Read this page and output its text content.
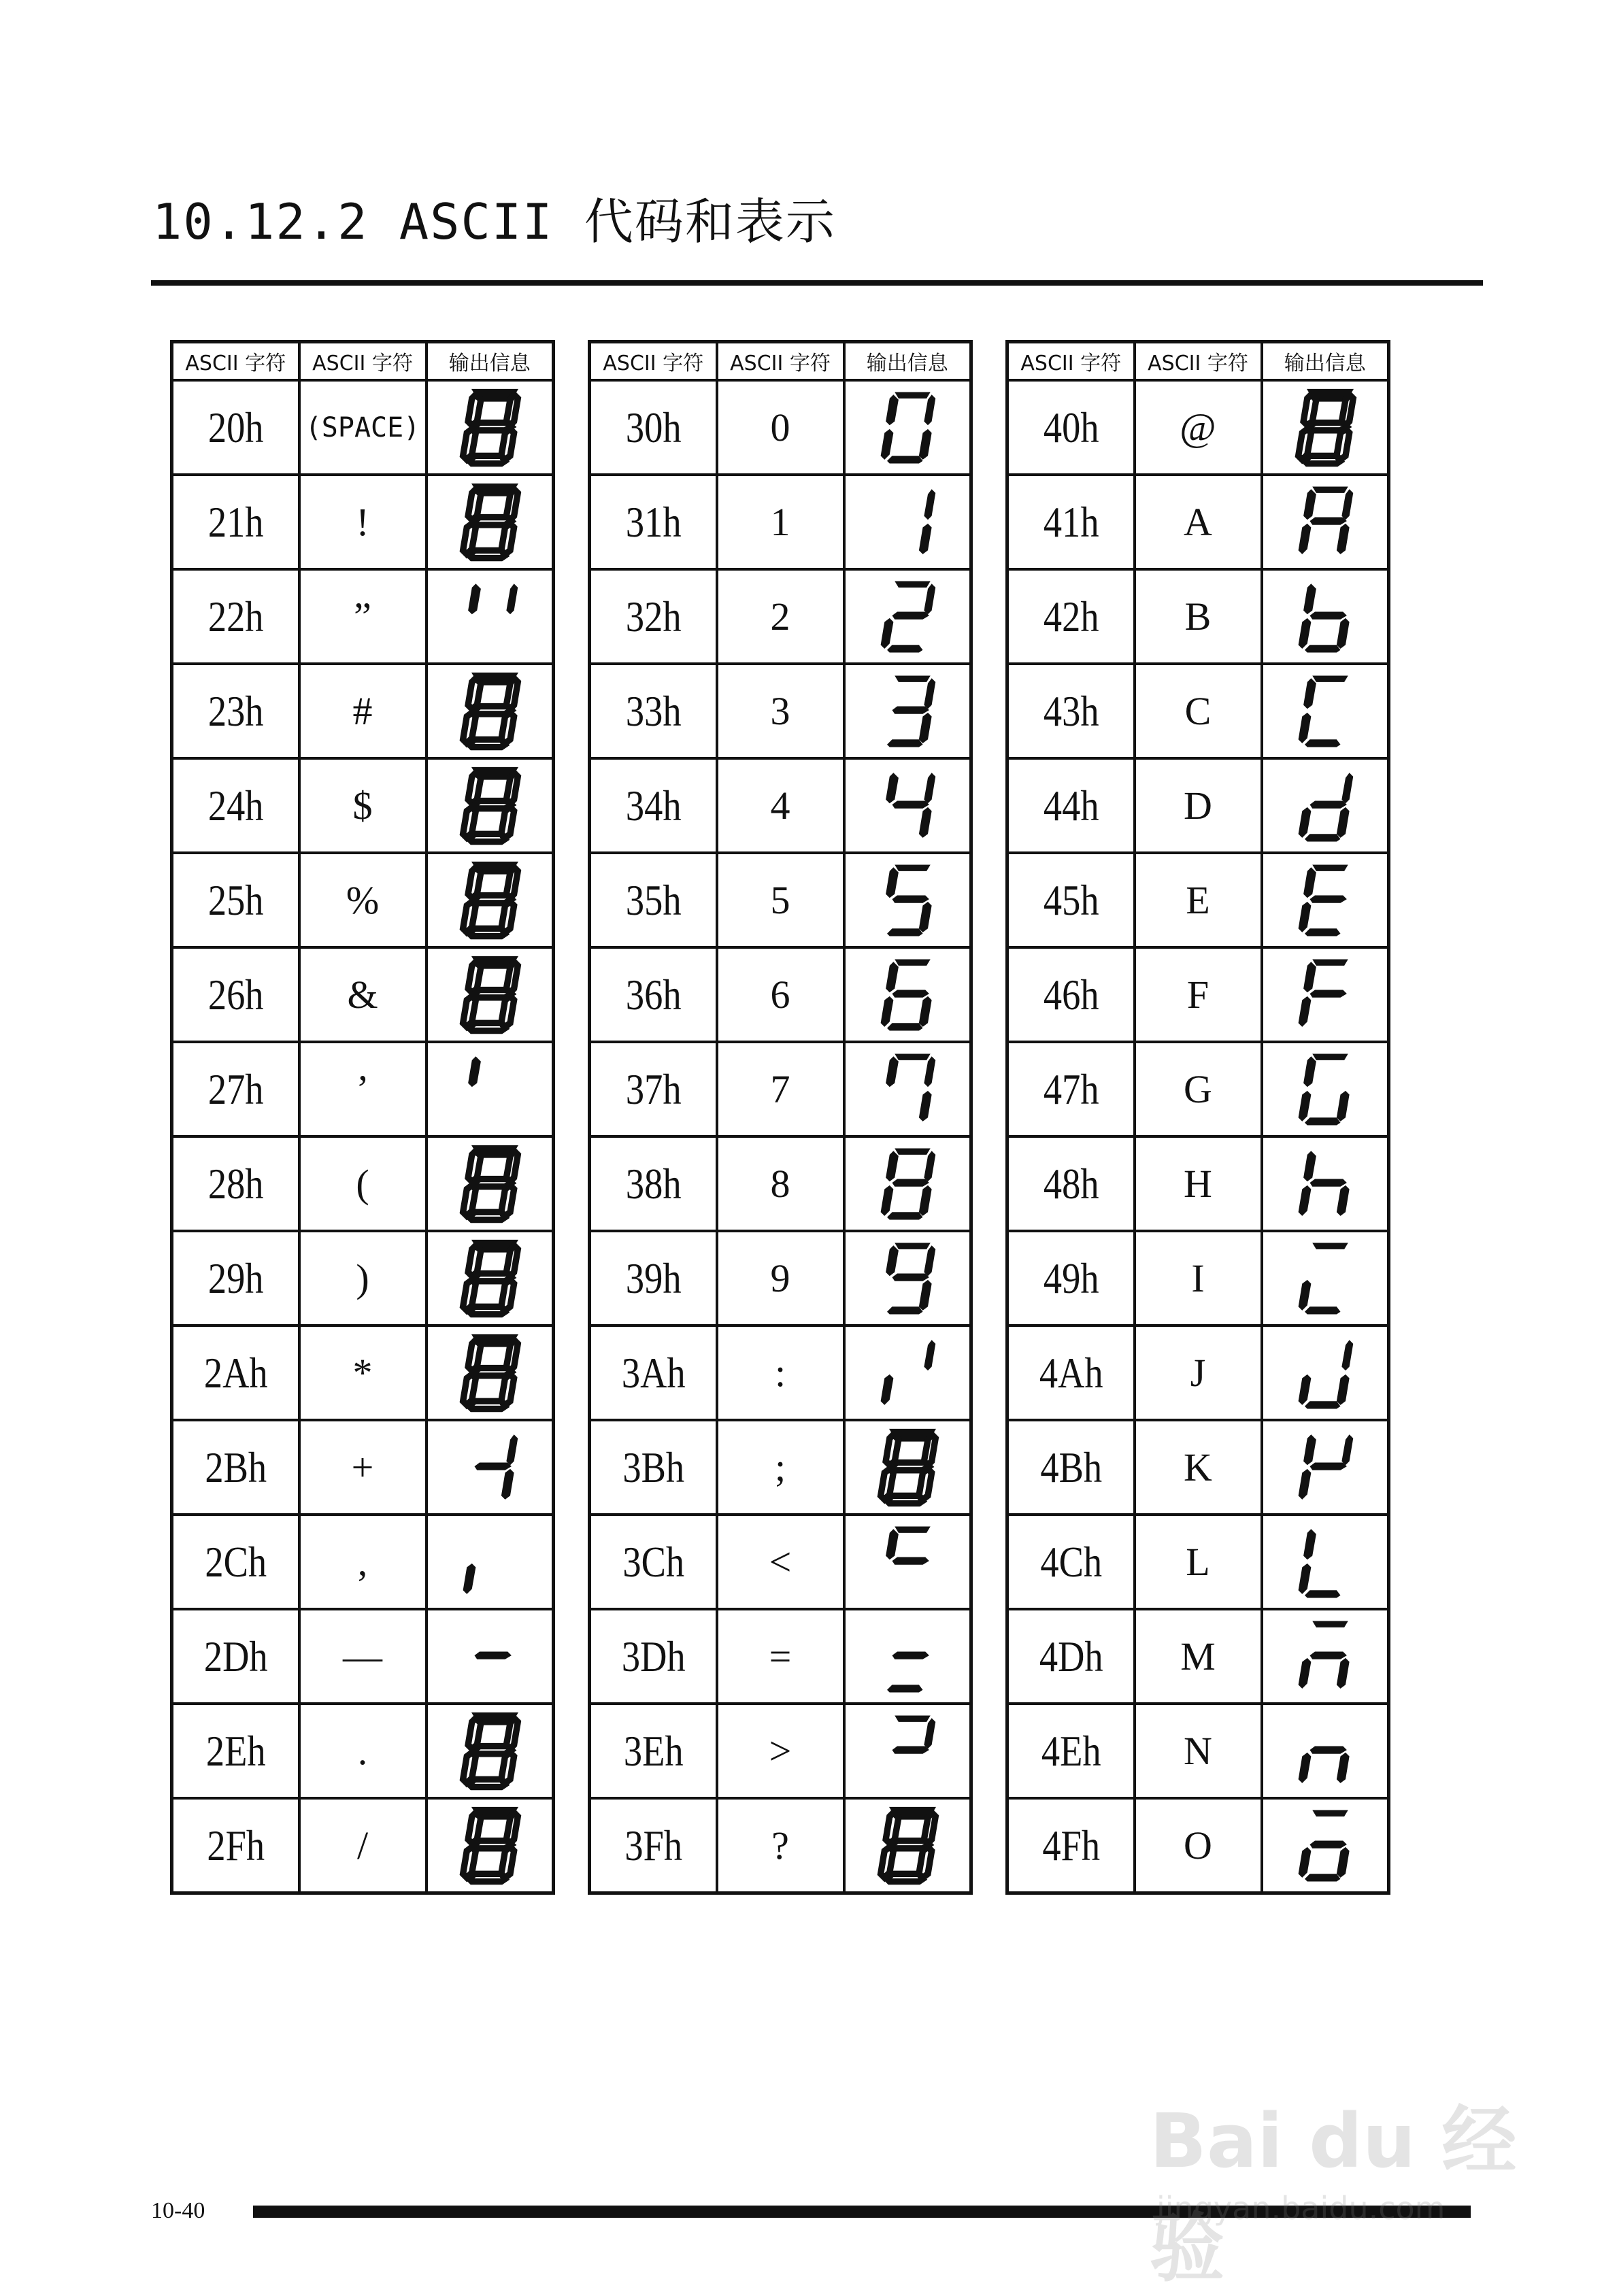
10.12.2 ASCII 代码和表示
ASCII 字符	ASCII 字符	输出信息
20h	(SPACE)	

21h	!	

22h	”	

23h	#	

24h	$	

25h	%	

26h	&	

27h	’	

28h	(	

29h	)	

2Ah	*	

2Bh	+	

2Ch	,	

2Dh	—	

2Eh	.	

2Fh	/	
ASCII 字符	ASCII 字符	输出信息
30h	0	

31h	1	

32h	2	

33h	3	

34h	4	

35h	5	

36h	6	

37h	7	

38h	8	

39h	9	

3Ah	:	

3Bh	;	

3Ch	<	

3Dh	=	

3Eh	>	

3Fh	?	
ASCII 字符	ASCII 字符	输出信息
40h	@	

41h	A	

42h	B	

43h	C	

44h	D	

45h	E	

46h	F	

47h	G	

48h	H	

49h	I	

4Ah	J	

4Bh	K	

4Ch	L	

4Dh	M	

4Eh	N	

4Fh	O	
10-40
Bai du 经验
jingyan.baidu.com
